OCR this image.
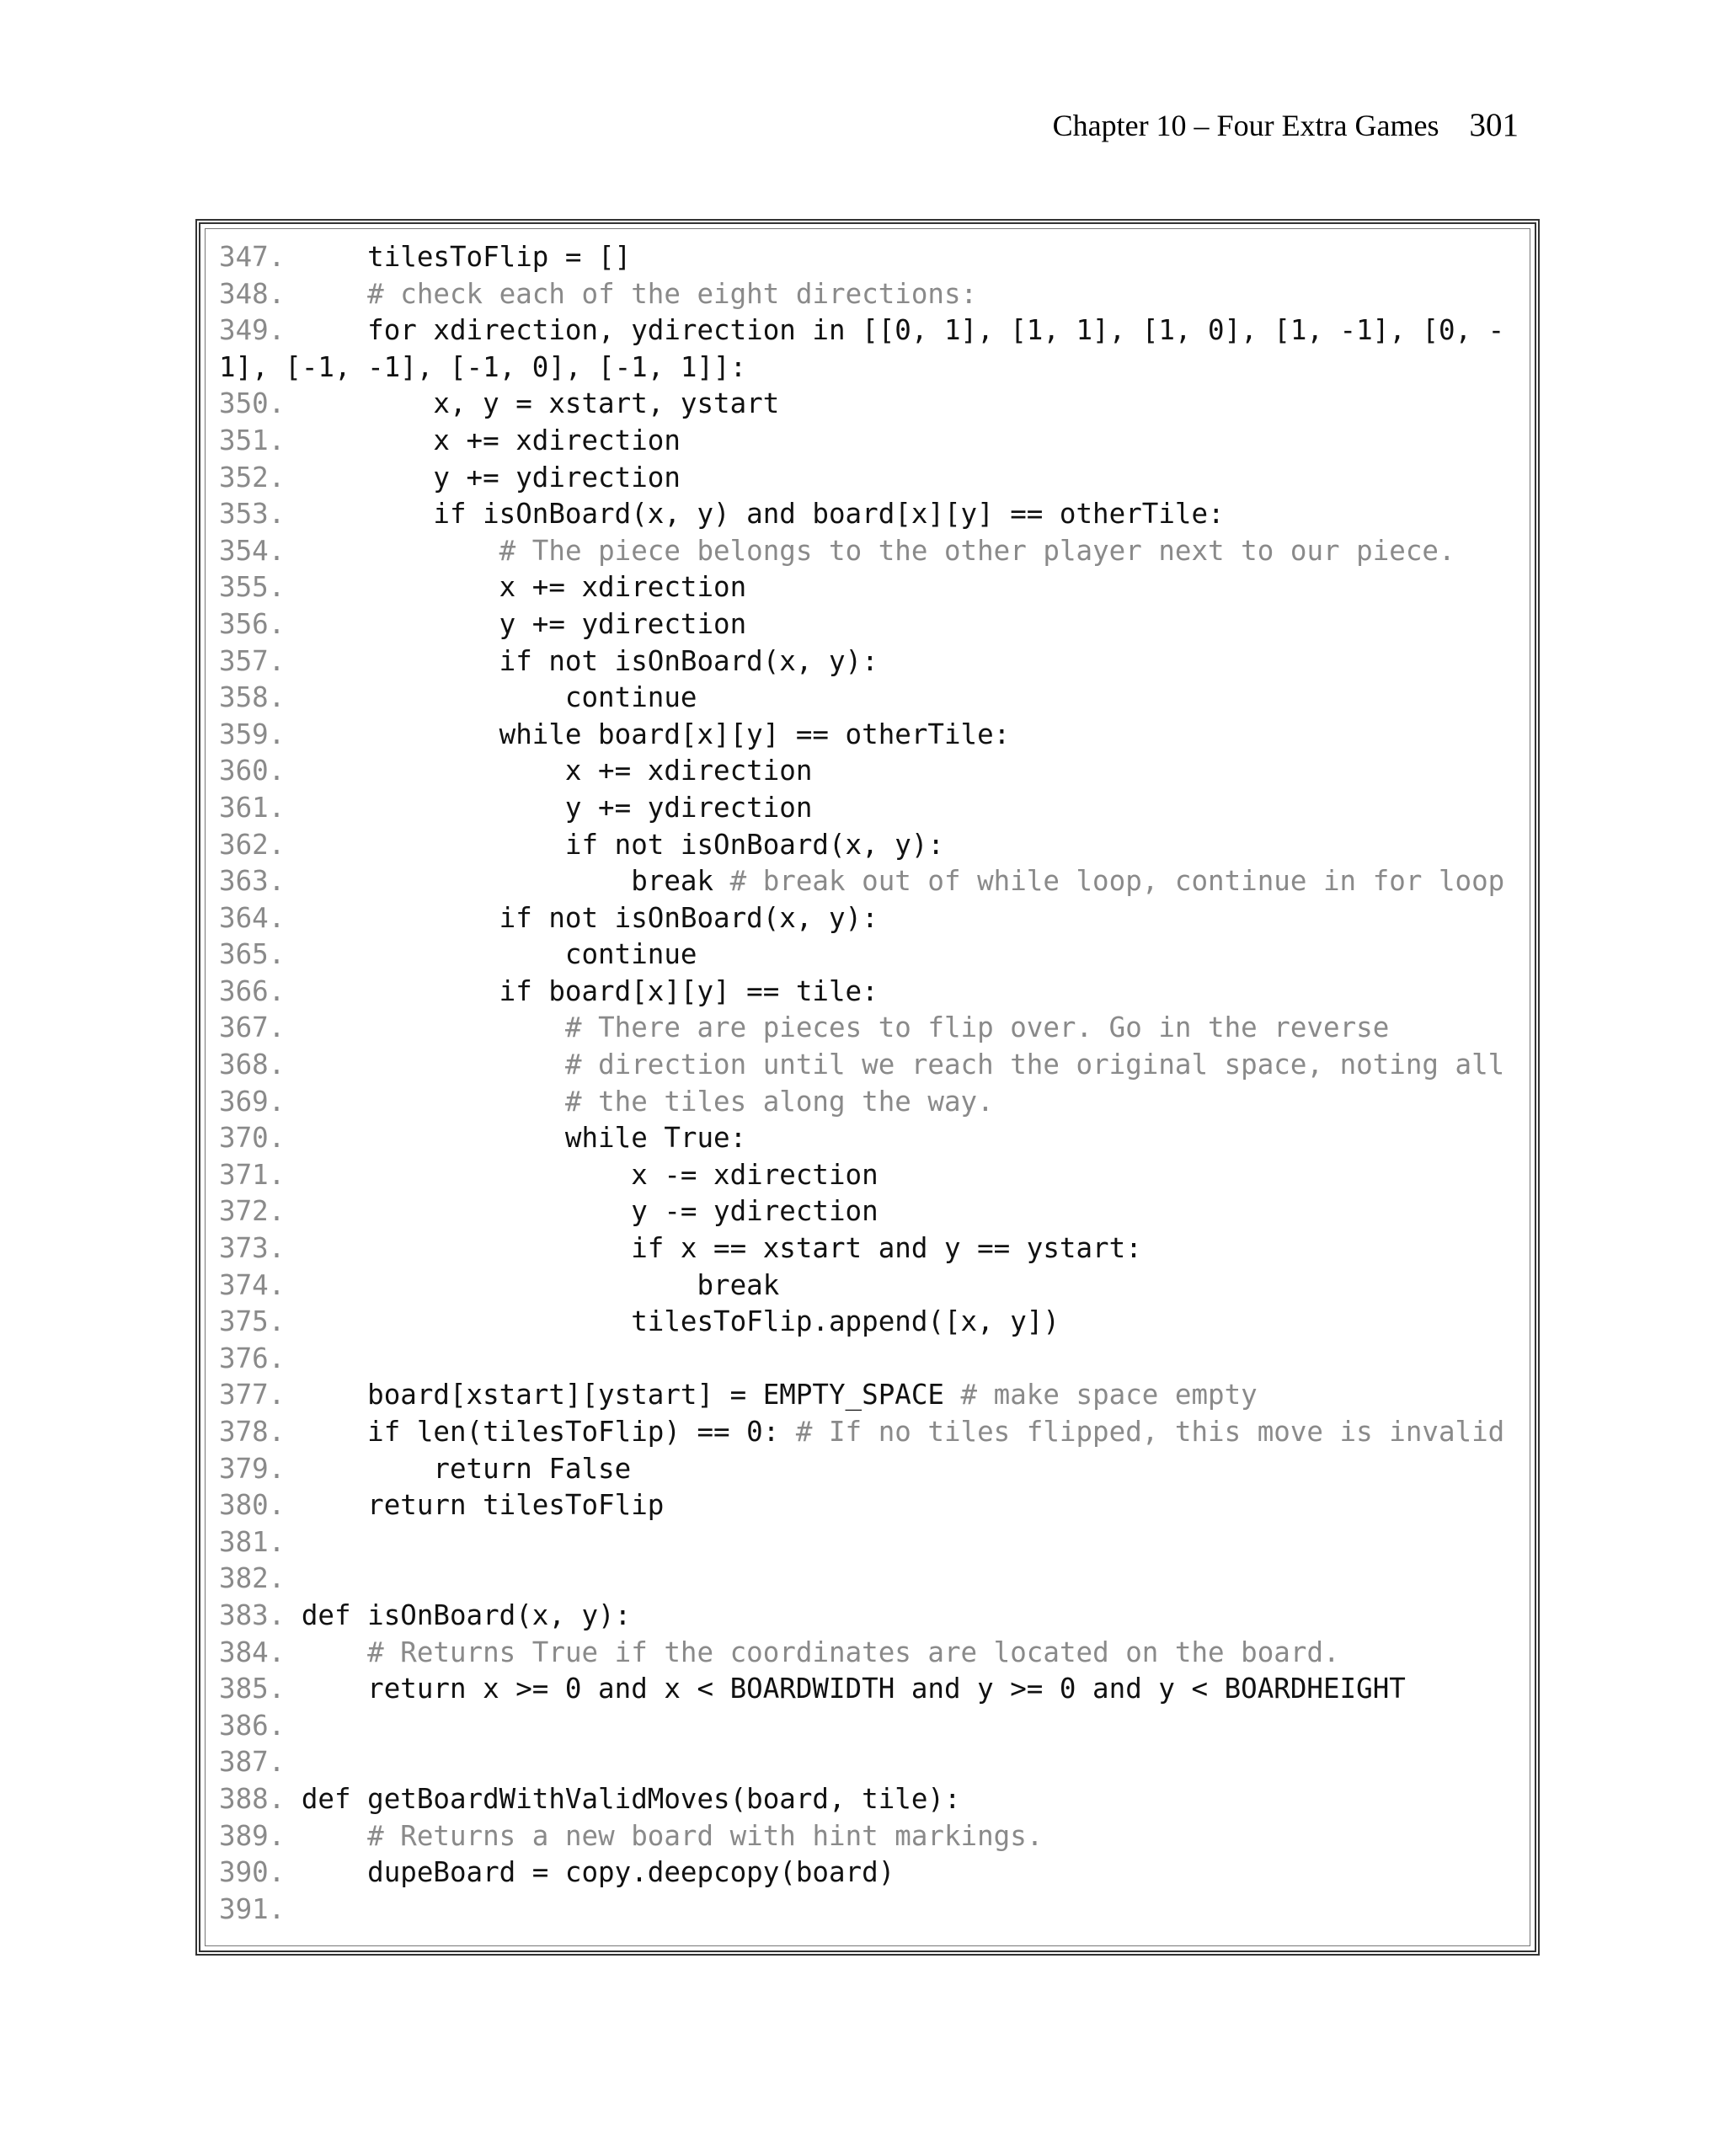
Chapter 10 – Four Extra Games 301
347.     tilesToFlip = []
348.	# check each of the eight directions:
349.     for xdirection, ydirection in [[0, 1], [1, 1], [1, 0], [1, -1], [0, -
1], [-1, -1], [-1, 0], [-1, 1]]:
350.         x, y = xstart, ystart
351.         x += xdirection
352.         y += ydirection
353.         if isOnBoard(x, y) and board[x][y] == otherTile:
354.	# The piece belongs to the other player next to our piece.
355.             x += xdirection
356.             y += ydirection
357.             if not isOnBoard(x, y):
358.                 continue
359.             while board[x][y] == otherTile:
360.                 x += xdirection
361.                 y += ydirection
362.                 if not isOnBoard(x, y):
363.                     break # break out of while loop, continue in for loop
364.             if not isOnBoard(x, y):
365.                 continue
366.             if board[x][y] == tile:
367.	# There are pieces to flip over. Go in the reverse
368.	# direction until we reach the original space, noting all
369.	# the tiles along the way.
370.                 while True:
371.                     x -= xdirection
372.                     y -= ydirection
373.                     if x == xstart and y == ystart:
374.                         break
375.                     tilesToFlip.append([x, y])
376.
377.     board[xstart][ystart] = EMPTY_SPACE # make space empty
378.     if len(tilesToFlip) == 0: # If no tiles flipped, this move is invalid
379.         return False
380.     return tilesToFlip
381.
382.
383. def isOnBoard(x, y):
384.	# Returns True if the coordinates are located on the board.
385.     return x >= 0 and x < BOARDWIDTH and y >= 0 and y < BOARDHEIGHT
386.
387.
388. def getBoardWithValidMoves(board, tile):
389.	# Returns a new board with hint markings.
390.     dupeBoard = copy.deepcopy(board)
391.
